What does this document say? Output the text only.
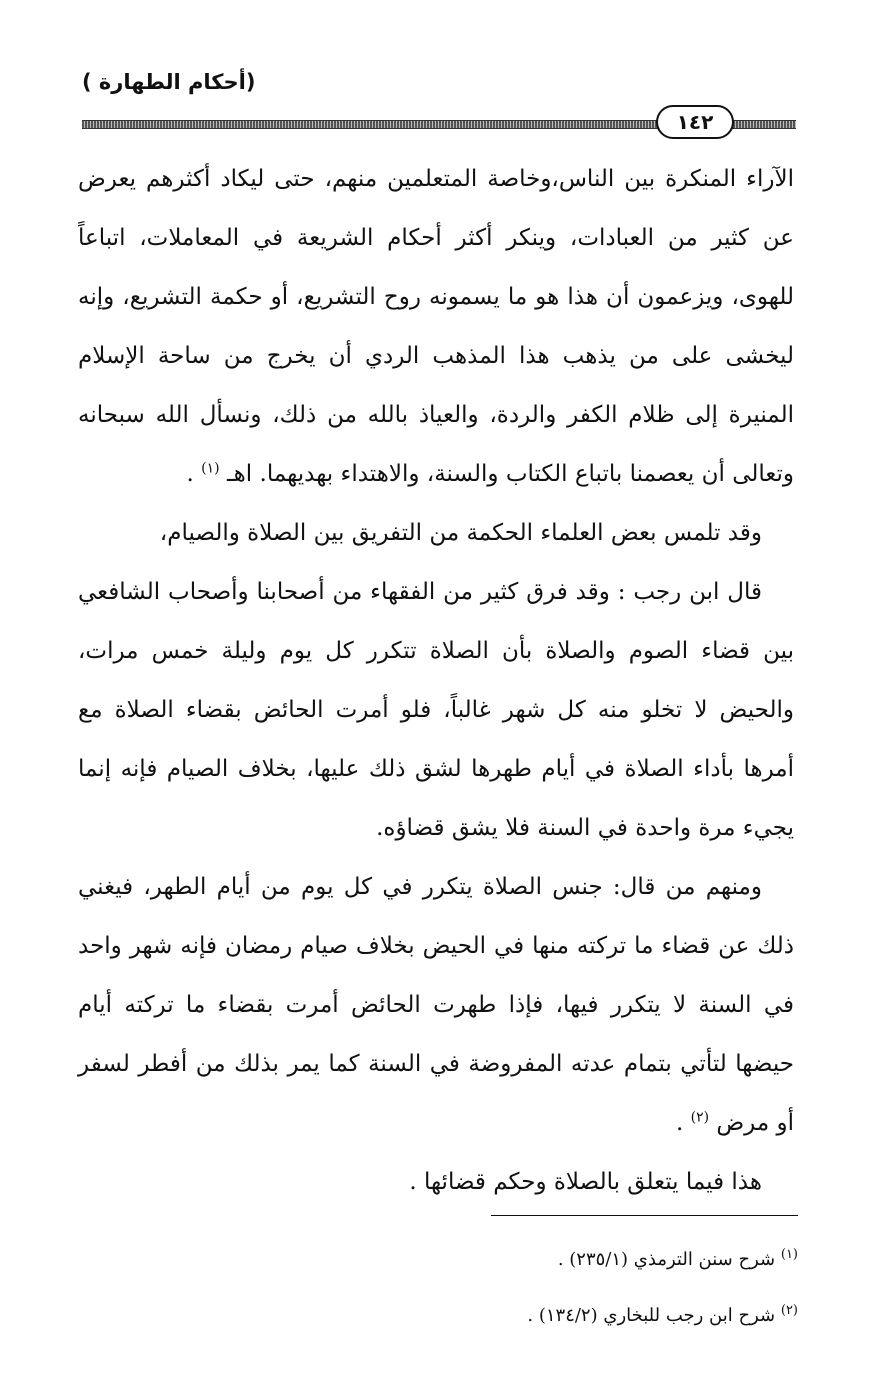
(أحكام الطهارة )
١٤٢

الآراء المنكرة بين الناس،وخاصة المتعلمين منهم، حتى ليكاد أكثرهم يعرض عن كثير من العبادات، وينكر أكثر أحكام الشريعة في المعاملات، اتباعاً للهوى، ويزعمون أن هذا هو ما يسمونه روح التشريع، أو حكمة التشريع، وإنه ليخشى على من يذهب هذا المذهب الردي أن يخرج من ساحة الإسلام المنيرة إلى ظلام الكفر والردة، والعياذ بالله من ذلك، ونسأل الله سبحانه وتعالى أن يعصمنا باتباع الكتاب والسنة، والاهتداء بهديهما. اهـ $^{(١)}$ .

وقد تلمس بعض العلماء الحكمة من التفريق بين الصلاة والصيام،

قال ابن رجب : وقد فرق كثير من الفقهاء من أصحابنا وأصحاب الشافعي بين قضاء الصوم والصلاة بأن الصلاة تتكرر كل يوم وليلة خمس مرات، والحيض لا تخلو منه كل شهر غالباً، فلو أمرت الحائض بقضاء الصلاة مع أمرها بأداء الصلاة في أيام طهرها لشق ذلك عليها، بخلاف الصيام فإنه إنما يجيء مرة واحدة في السنة فلا يشق قضاؤه.

ومنهم من قال: جنس الصلاة يتكرر في كل يوم من أيام الطهر، فيغني ذلك عن قضاء ما تركته منها في الحيض بخلاف صيام رمضان فإنه شهر واحد في السنة لا يتكرر فيها، فإذا طهرت الحائض أمرت بقضاء ما تركته أيام حيضها لتأتي بتمام عدته المفروضة في السنة كما يمر بذلك من أفطر لسفر أو مرض $^{(٢)}$ .

هذا فيما يتعلق بالصلاة وحكم قضائها .

$^{(١)}$ شرح سنن الترمذي (٢٣٥/١) .

$^{(٢)}$ شرح ابن رجب للبخاري (١٣٤/٢) .
